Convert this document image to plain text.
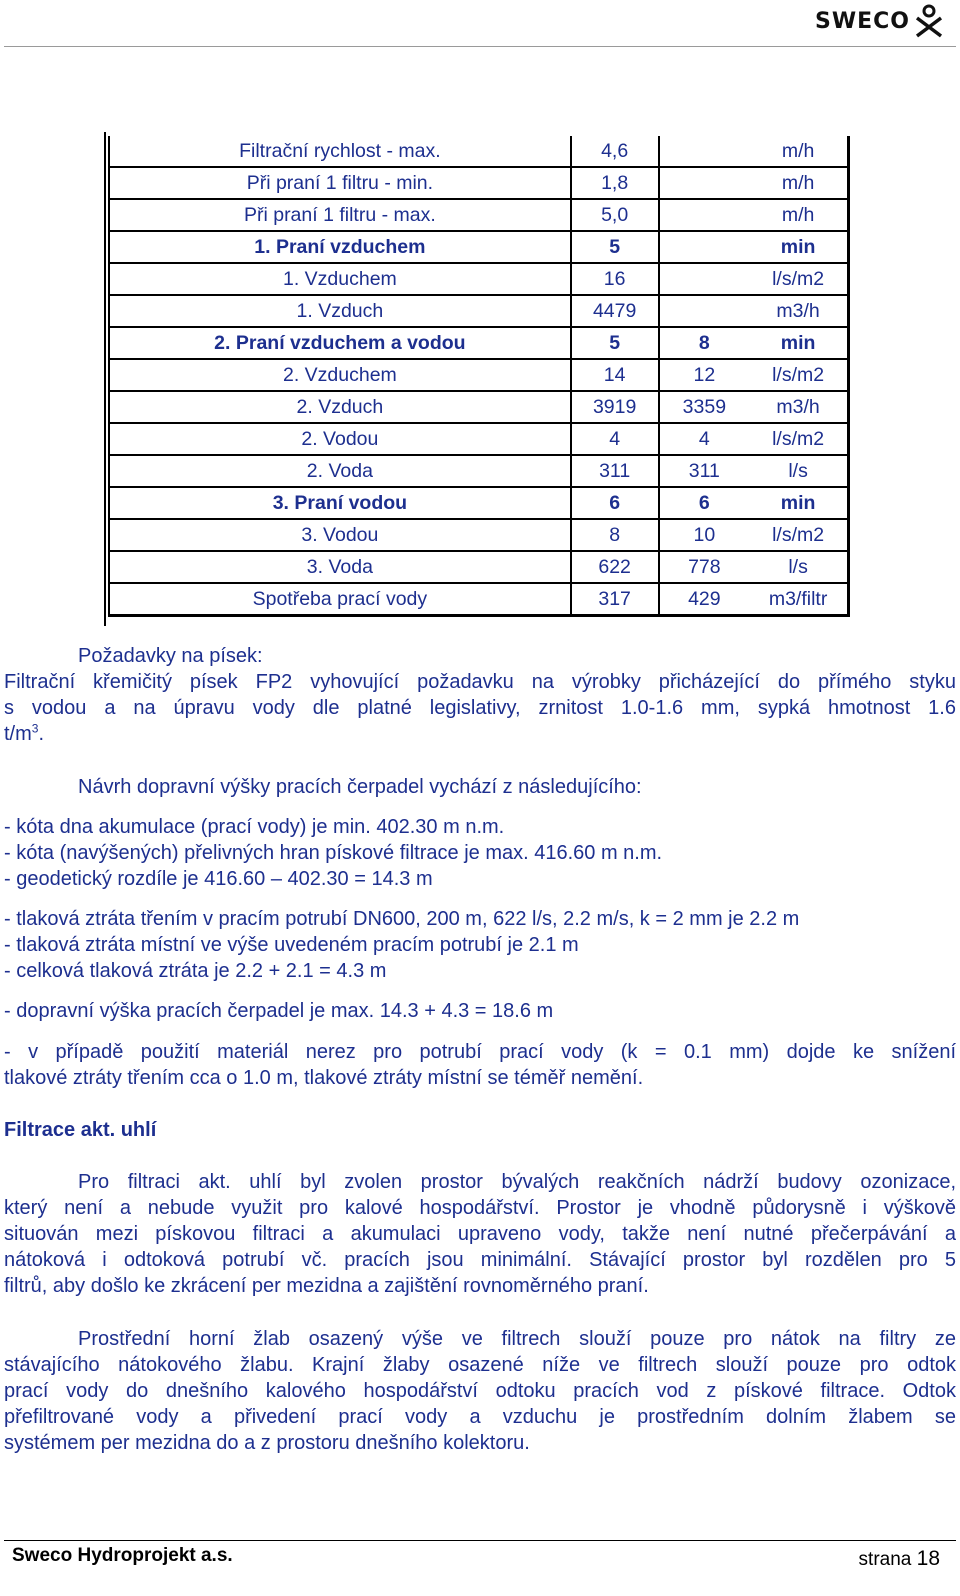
SWECO
Filtrační rychlost - max.	4,6		m/h
Při praní 1 filtru - min.	1,8		m/h
Při praní 1 filtru - max.	5,0		m/h
1. Praní vzduchem	5		min
1. Vzduchem	16		l/s/m2
1. Vzduch	4479		m3/h
2. Praní vzduchem a vodou	5	8	min
2. Vzduchem	14	12	l/s/m2
2. Vzduch	3919	3359	m3/h
2. Vodou	4	4	l/s/m2
2. Voda	311	311	l/s
3. Praní vodou	6	6	min
3. Vodou	8	10	l/s/m2
3. Voda	622	778	l/s
Spotřeba prací vody	317	429	m3/filtr

Požadavky na písek:

Filtrační křemičitý písek FP2 vyhovující požadavku na výrobky přicházející do přímého styku

s vodou a na úpravu vody dle platné legislativy, zrnitost 1.0-1.6 mm, sypká hmotnost 1.6

$t/m^3$.

Návrh dopravní výšky pracích čerpadel vychází z následujícího:

- kóta dna akumulace (prací vody) je min. 402.30 m n.m.

- kóta (navýšených) přelivných hran pískové filtrace je max. 416.60 m n.m.

- geodetický rozdíle je 416.60 – 402.30 = 14.3 m

- tlaková ztráta třením v pracím potrubí DN600, 200 m, 622 l/s, 2.2 m/s, k = 2 mm je 2.2 m

- tlaková ztráta místní ve výše uvedeném pracím potrubí je 2.1 m

- celková tlaková ztráta je 2.2 + 2.1 = 4.3 m

- dopravní výška pracích čerpadel je max. 14.3 + 4.3 = 18.6 m

- v případě použití materiál nerez pro potrubí prací vody (k = 0.1 mm) dojde ke snížení

tlakové ztráty třením cca o 1.0 m, tlakové ztráty místní se téměř nemění.

Filtrace akt. uhlí

Pro filtraci akt. uhlí byl zvolen prostor bývalých reakčních nádrží budovy ozonizace,

který není a nebude využit pro kalové hospodářství. Prostor je vhodně půdorysně i výškově

situován mezi pískovou filtraci a akumulaci upraveno vody, takže není nutné přečerpávání a

nátoková i odtoková potrubí vč. pracích jsou minimální. Stávající prostor byl rozdělen pro 5

filtrů, aby došlo ke zkrácení per mezidna a zajištění rovnoměrného praní.

Prostřední horní žlab osazený výše ve filtrech slouží pouze pro nátok na filtry ze

stávajícího nátokového žlabu. Krajní žlaby osazené níže ve filtrech slouží pouze pro odtok

prací vody do dnešního kalového hospodářství odtoku pracích vod z pískové filtrace. Odtok

přefiltrované vody a přivedení prací vody a vzduchu je prostředním dolním žlabem se

systémem per mezidna do a z prostoru dnešního kolektoru.

Sweco Hydroprojekt a.s.	strana 18
